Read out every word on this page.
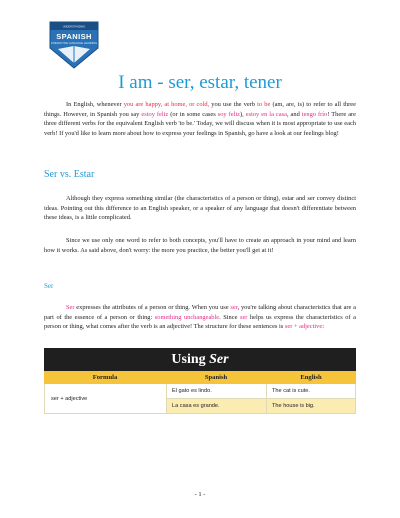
UNDERSTANDING
SPANISH
INTERACTIVE LANGUAGE LEARNING
I am - ser, estar, tener

In English, whenever you are happy, at home, or cold, you use the verb to be (am, are, is) to refer to all three things. However, in Spanish you say estoy feliz (or in some cases soy feliz), estoy en la casa, and tengo frío! There are three different verbs for the equivalent English verb 'to be.' Today, we will discuss when it is most appropriate to use each verb! If you'd like to learn more about how to express your feelings in Spanish, go have a look at our feelings blog!

Ser vs. Estar

Although they express something similar (the characteristics of a person or thing), estar and ser convey distinct ideas. Pointing out this difference to an English speaker, or a speaker of any language that doesn't differentiate between these ideas, is a little complicated.

Since we use only one word to refer to both concepts, you'll have to create an approach in your mind and learn how it works. As said above, don't worry: the more you practice, the better you'll get at it!

Ser

Ser expresses the attributes of a person or thing. When you use ser, you're talking about characteristics that are a part of the essence of a person or thing: something unchangeable. Since ser helps us express the characteristics of a person or thing, what comes after the verb is an adjective! The structure for these sentences is ser + adjective:

Using Ser
Formula	Spanish	English
ser + adjective
El gato es lindo.	The cat is cute.
La casa es grande.	The house is big.
- 1 -
